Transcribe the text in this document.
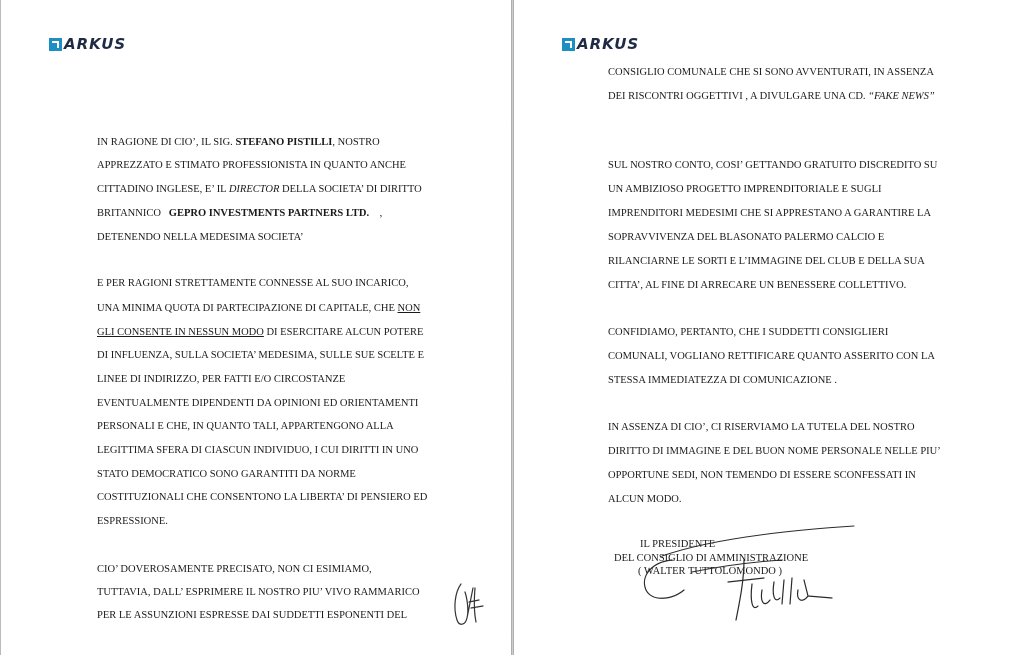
ARKUS
IN RAGIONE DI CIO’, IL SIG. STEFANO PISTILLI, NOSTRO
APPREZZATO E STIMATO PROFESSIONISTA IN QUANTO ANCHE
CITTADINO INGLESE, E’ IL DIRECTOR DELLA SOCIETA’ DI DIRITTO
BRITANNICO GEPRO INVESTMENTS PARTNERS LTD. ,
DETENENDO NELLA MEDESIMA SOCIETA’
E PER RAGIONI STRETTAMENTE CONNESSE AL SUO INCARICO,
UNA MINIMA QUOTA DI PARTECIPAZIONE DI CAPITALE, CHE NON
GLI CONSENTE IN NESSUN MODO DI ESERCITARE ALCUN POTERE
DI INFLUENZA, SULLA SOCIETA’ MEDESIMA, SULLE SUE SCELTE E
LINEE DI INDIRIZZO, PER FATTI E/O CIRCOSTANZE
EVENTUALMENTE DIPENDENTI DA OPINIONI ED ORIENTAMENTI
PERSONALI E CHE, IN QUANTO TALI, APPARTENGONO ALLA
LEGITTIMA SFERA DI CIASCUN INDIVIDUO, I CUI DIRITTI IN UNO
STATO DEMOCRATICO SONO GARANTITI DA NORME
COSTITUZIONALI CHE CONSENTONO LA LIBERTA’ DI PENSIERO ED
ESPRESSIONE.
CIO’ DOVEROSAMENTE PRECISATO, NON CI ESIMIAMO,
TUTTAVIA, DALL’ ESPRIMERE IL NOSTRO PIU’ VIVO RAMMARICO
PER LE ASSUNZIONI ESPRESSE DAI SUDDETTI ESPONENTI DEL
ARKUS
CONSIGLIO COMUNALE CHE SI SONO AVVENTURATI, IN ASSENZA
DEI RISCONTRI OGGETTIVI , A DIVULGARE UNA CD. “FAKE NEWS”
SUL NOSTRO CONTO, COSI’ GETTANDO GRATUITO DISCREDITO SU
UN AMBIZIOSO PROGETTO IMPRENDITORIALE E SUGLI
IMPRENDITORI MEDESIMI CHE SI APPRESTANO A GARANTIRE LA
SOPRAVVIVENZA DEL BLASONATO PALERMO CALCIO E
RILANCIARNE LE SORTI E L’IMMAGINE DEL CLUB E DELLA SUA
CITTA’, AL FINE DI ARRECARE UN BENESSERE COLLETTIVO.
CONFIDIAMO, PERTANTO, CHE I SUDDETTI CONSIGLIERI
COMUNALI, VOGLIANO RETTIFICARE QUANTO ASSERITO CON LA
STESSA IMMEDIATEZZA DI COMUNICAZIONE .
IN ASSENZA DI CIO’, CI RISERVIAMO LA TUTELA DEL NOSTRO
DIRITTO DI IMMAGINE E DEL BUON NOME PERSONALE NELLE PIU’
OPPORTUNE SEDI, NON TEMENDO DI ESSERE SCONFESSATI IN
ALCUN MODO.
IL PRESIDENTE
DEL CONSIGLIO DI AMMINISTRAZIONE
( WALTER TUTTOLOMONDO )
